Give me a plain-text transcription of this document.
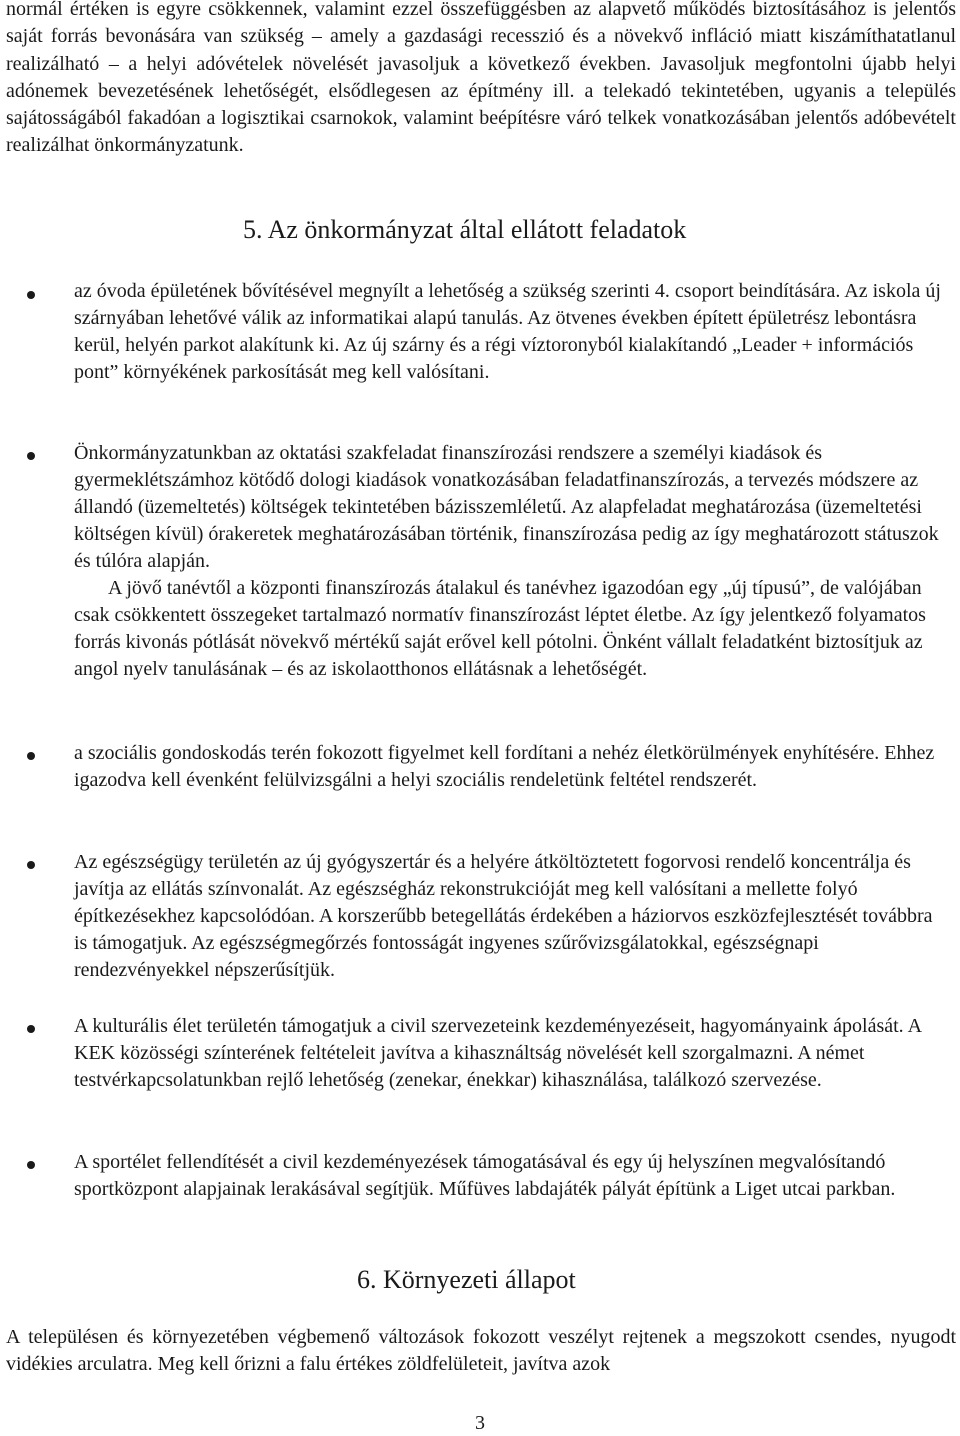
normál értéken is egyre csökkennek, valamint ezzel összefüggésben az alapvető működés biztosításához is jelentős saját forrás bevonására van szükség – amely a gazdasági recesszió és a növekvő infláció miatt kiszámíthatatlanul realizálható – a helyi adóvételek növelését javasoljuk a következő években. Javasoljuk megfontolni újabb helyi adónemek bevezetésének lehetőségét, elsődlegesen az építmény ill. a telekadó tekintetében, ugyanis a település sajátosságából fakadóan a logisztikai csarnokok, valamint beépítésre váró telkek vonatkozásában jelentős adóbevételt realizálhat önkormányzatunk.

5. Az önkormányzat által ellátott feladatok
az óvoda épületének bővítésével megnyílt a lehetőség a szükség szerinti 4. csoport beindítására. Az iskola új szárnyában lehetővé válik az informatikai alapú tanulás. Az ötvenes években épített épületrész lebontásra kerül, helyén parkot alakítunk ki. Az új szárny és a régi víztoronyból kialakítandó „Leader + információs pont” környékének parkosítását meg kell valósítani.

Önkormányzatunkban az oktatási szakfeladat finanszírozási rendszere a személyi kiadások és gyermeklétszámhoz kötődő dologi kiadások vonatkozásában feladatfinanszírozás, a tervezés módszere az állandó (üzemeltetés) költségek tekintetében bázisszemléletű. Az alapfeladat meghatározása (üzemeltetési költségen kívül) órakeretek meghatározásában történik, finanszírozása pedig az így meghatározott státuszok és túlóra alapján.

A jövő tanévtől a központi finanszírozás átalakul és tanévhez igazodóan egy „új típusú”, de valójában csak csökkentett összegeket tartalmazó normatív finanszírozást léptet életbe. Az így jelentkező folyamatos forrás kivonás pótlását növekvő mértékű saját erővel kell pótolni. Önként vállalt feladatként biztosítjuk az angol nyelv tanulásának – és az iskolaotthonos ellátásnak a lehetőségét.

a szociális gondoskodás terén fokozott figyelmet kell fordítani a nehéz életkörülmények enyhítésére. Ehhez igazodva kell évenként felülvizsgálni a helyi szociális rendeletünk feltétel rendszerét.
Az egészségügy területén az új gyógyszertár és a helyére átköltöztetett fogorvosi rendelő koncentrálja és javítja az ellátás színvonalát. Az egészségház rekonstrukcióját meg kell valósítani a mellette folyó építkezésekhez kapcsolódóan. A korszerűbb betegellátás érdekében a háziorvos eszközfejlesztését továbbra is támogatjuk. Az egészségmegőrzés fontosságát ingyenes szűrővizsgálatokkal, egészségnapi rendezvényekkel népszerűsítjük.
A kulturális élet területén támogatjuk a civil szervezeteink kezdeményezéseit, hagyományaink ápolását. A KEK közösségi színterének feltételeit javítva a kihasználtság növelését kell szorgalmazni. A német testvérkapcsolatunkban rejlő lehetőség (zenekar, énekkar) kihasználása, találkozó szervezése.
A sportélet fellendítését a civil kezdeményezések támogatásával és egy új helyszínen megvalósítandó sportközpont alapjainak lerakásával segítjük. Műfüves labdajáték pályát építünk a Liget utcai parkban.
6. Környezeti állapot

A településen és környezetében végbemenő változások fokozott veszélyt rejtenek a megszokott csendes, nyugodt vidékies arculatra. Meg kell őrizni a falu értékes zöldfelületeit, javítva azok

3
